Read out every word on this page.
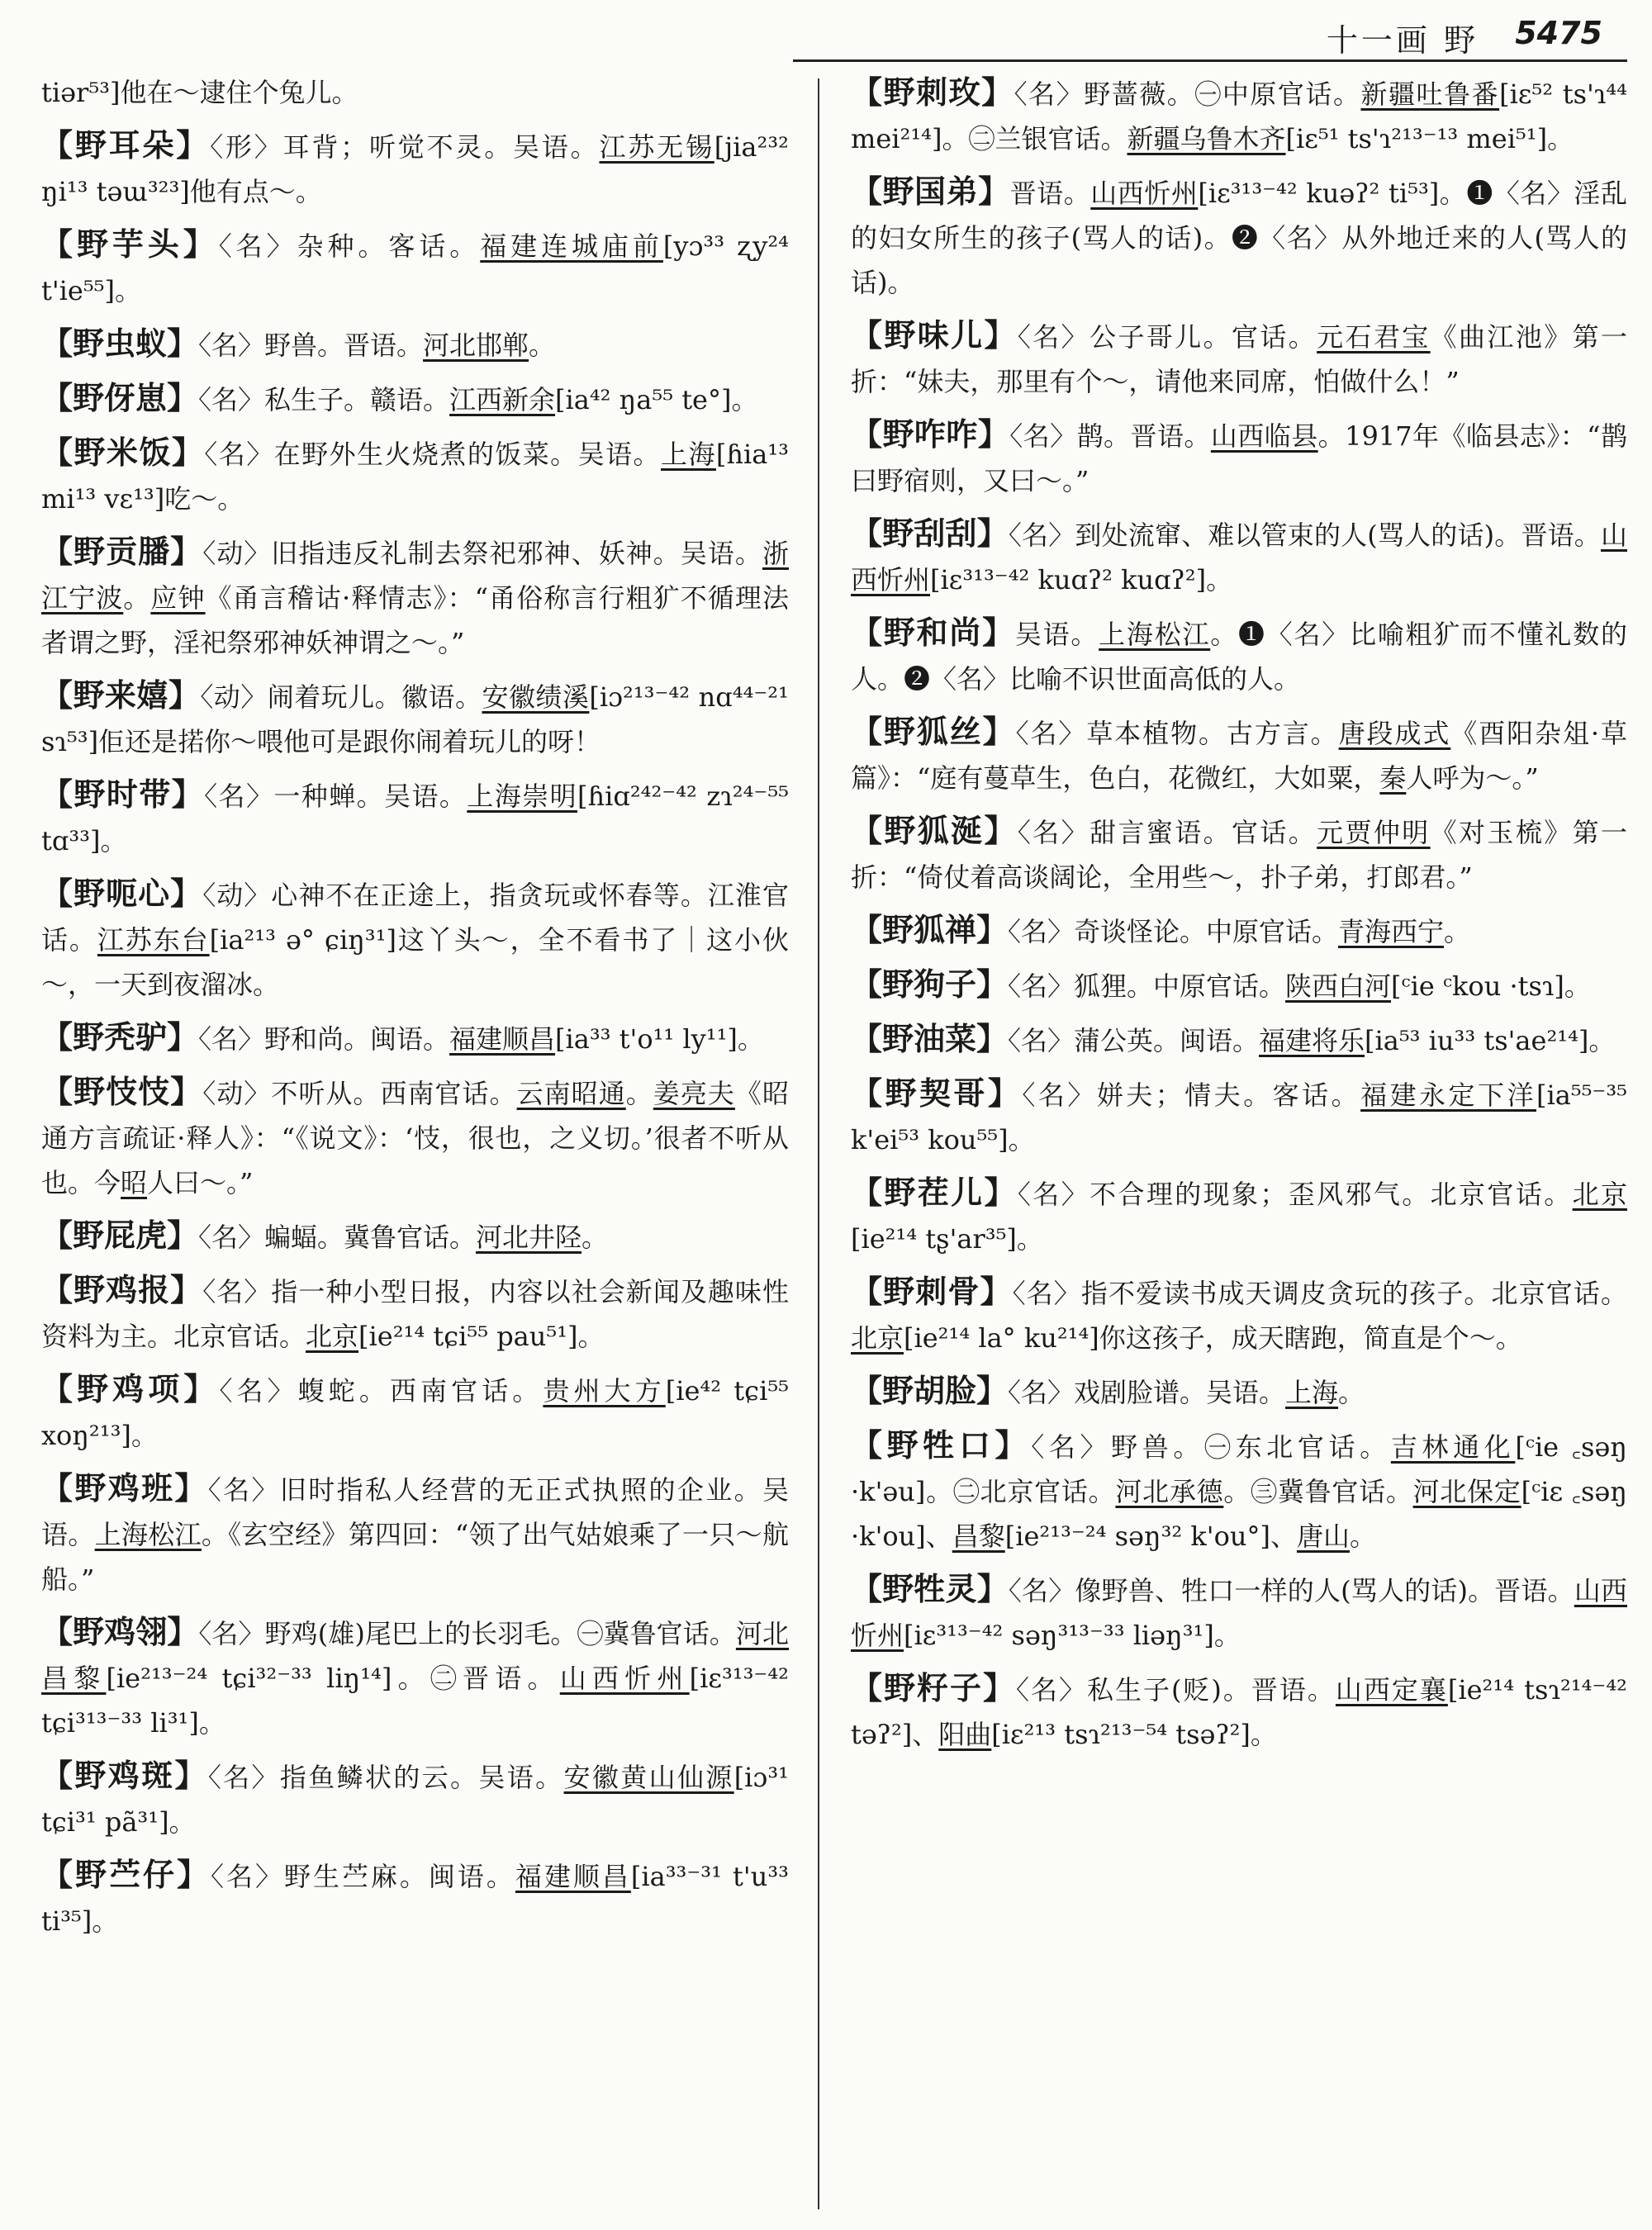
十一画 野 5475

tiər⁵³]他在～逮住个兔儿。

【野耳朵】〈形〉耳背；听觉不灵。吴语。江苏无锡[jia²³² ŋi¹³ təɯ³²³]他有点～。

【野芋头】〈名〉杂种。客话。福建连城庙前[yɔ³³ ʐy²⁴ t'ie⁵⁵]。

【野虫蚁】〈名〉野兽。晋语。河北邯郸。

【野伢崽】〈名〉私生子。赣语。江西新余[ia⁴² ŋa⁵⁵ te°]。

【野米饭】〈名〉在野外生火烧煮的饭菜。吴语。上海[ɦia¹³ mi¹³ vɛ¹³]吃～。

【野贡膰】〈动〉旧指违反礼制去祭祀邪神、妖神。吴语。浙江宁波。应钟《甬言稽诂·释情志》：“甬俗称言行粗犷不循理法者谓之野，淫祀祭邪神妖神谓之～。”

【野来嬉】〈动〉闹着玩儿。徽语。安徽绩溪[iɔ²¹³⁻⁴² nɑ⁴⁴⁻²¹ sɿ⁵³]佢还是掿你～喂他可是跟你闹着玩儿的呀！

【野时带】〈名〉一种蝉。吴语。上海崇明[ɦiɑ²⁴²⁻⁴² zɿ²⁴⁻⁵⁵ tɑ³³]。

【野呃心】〈动〉心神不在正途上，指贪玩或怀春等。江淮官话。江苏东台[ia²¹³ ə° ɕiŋ³¹]这丫头～，全不看书了｜这小伙～，一天到夜溜冰。

【野秃驴】〈名〉野和尚。闽语。福建顺昌[ia³³ t'o¹¹ ly¹¹]。

【野忮忮】〈动〉不听从。西南官话。云南昭通。姜亮夫《昭通方言疏证·释人》：“《说文》：‘忮，很也，之义切。’很者不听从也。今昭人曰～。”

【野屁虎】〈名〉蝙蝠。冀鲁官话。河北井陉。

【野鸡报】〈名〉指一种小型日报，内容以社会新闻及趣味性资料为主。北京官话。北京[ie²¹⁴ tɕi⁵⁵ pau⁵¹]。

【野鸡项】〈名〉蝮蛇。西南官话。贵州大方[ie⁴² tɕi⁵⁵ xoŋ²¹³]。

【野鸡班】〈名〉旧时指私人经营的无正式执照的企业。吴语。上海松江。《玄空经》第四回：“领了出气姑娘乘了一只～航船。”

【野鸡翎】〈名〉野鸡(雄)尾巴上的长羽毛。㊀冀鲁官话。河北昌黎[ie²¹³⁻²⁴ tɕi³²⁻³³ liŋ¹⁴]。㊁晋语。山西忻州[iɛ³¹³⁻⁴² tɕi³¹³⁻³³ li³¹]。

【野鸡斑】〈名〉指鱼鳞状的云。吴语。安徽黄山仙源[iɔ³¹ tɕi³¹ pã³¹]。

【野苎仔】〈名〉野生苎麻。闽语。福建顺昌[ia³³⁻³¹ t'u³³ ti³⁵]。

【野刺玫】〈名〉野蔷薇。㊀中原官话。新疆吐鲁番[iɛ⁵² ts'ɿ⁴⁴ mei²¹⁴]。㊁兰银官话。新疆乌鲁木齐[iɛ⁵¹ ts'ɿ²¹³⁻¹³ mei⁵¹]。

【野国弟】晋语。山西忻州[iɛ³¹³⁻⁴² kuəʔ² ti⁵³]。❶〈名〉淫乱的妇女所生的孩子(骂人的话)。❷〈名〉从外地迁来的人(骂人的话)。

【野味儿】〈名〉公子哥儿。官话。元石君宝《曲江池》第一折：“妹夫，那里有个～，请他来同席，怕做什么！”

【野咋咋】〈名〉鹊。晋语。山西临县。1917年《临县志》：“鹊曰野宿则，又曰～。”

【野刮刮】〈名〉到处流窜、难以管束的人(骂人的话)。晋语。山西忻州[iɛ³¹³⁻⁴² kuɑʔ² kuɑʔ²]。

【野和尚】吴语。上海松江。❶〈名〉比喻粗犷而不懂礼数的人。❷〈名〉比喻不识世面高低的人。

【野狐丝】〈名〉草本植物。古方言。唐段成式《酉阳杂俎·草篇》：“庭有蔓草生，色白，花微红，大如粟，秦人呼为～。”

【野狐涎】〈名〉甜言蜜语。官话。元贾仲明《对玉梳》第一折：“倚仗着高谈阔论，全用些～，扑子弟，打郎君。”

【野狐禅】〈名〉奇谈怪论。中原官话。青海西宁。

【野狗子】〈名〉狐狸。中原官话。陕西白河[ᶜie ᶜkou ·tsɿ]。

【野油菜】〈名〉蒲公英。闽语。福建将乐[ia⁵³ iu³³ ts'ae²¹⁴]。

【野契哥】〈名〉姘夫；情夫。客话。福建永定下洋[ia⁵⁵⁻³⁵ k'ei⁵³ kou⁵⁵]。

【野茬儿】〈名〉不合理的现象；歪风邪气。北京官话。北京[ie²¹⁴ tʂ'ar³⁵]。

【野刺骨】〈名〉指不爱读书成天调皮贪玩的孩子。北京官话。北京[ie²¹⁴ la° ku²¹⁴]你这孩子，成天瞎跑，简直是个～。

【野胡脸】〈名〉戏剧脸谱。吴语。上海。

【野牲口】〈名〉野兽。㊀东北官话。吉林通化[ᶜie ꜀səŋ ·k'əu]。㊁北京官话。河北承德。㊂冀鲁官话。河北保定[ᶜiɛ ꜀səŋ ·k'ou]、昌黎[ie²¹³⁻²⁴ səŋ³² k'ou°]、唐山。

【野牲灵】〈名〉像野兽、牲口一样的人(骂人的话)。晋语。山西忻州[iɛ³¹³⁻⁴² səŋ³¹³⁻³³ liəŋ³¹]。

【野籽子】〈名〉私生子(贬)。晋语。山西定襄[ie²¹⁴ tsɿ²¹⁴⁻⁴² təʔ²]、阳曲[iɛ²¹³ tsɿ²¹³⁻⁵⁴ tsəʔ²]。
